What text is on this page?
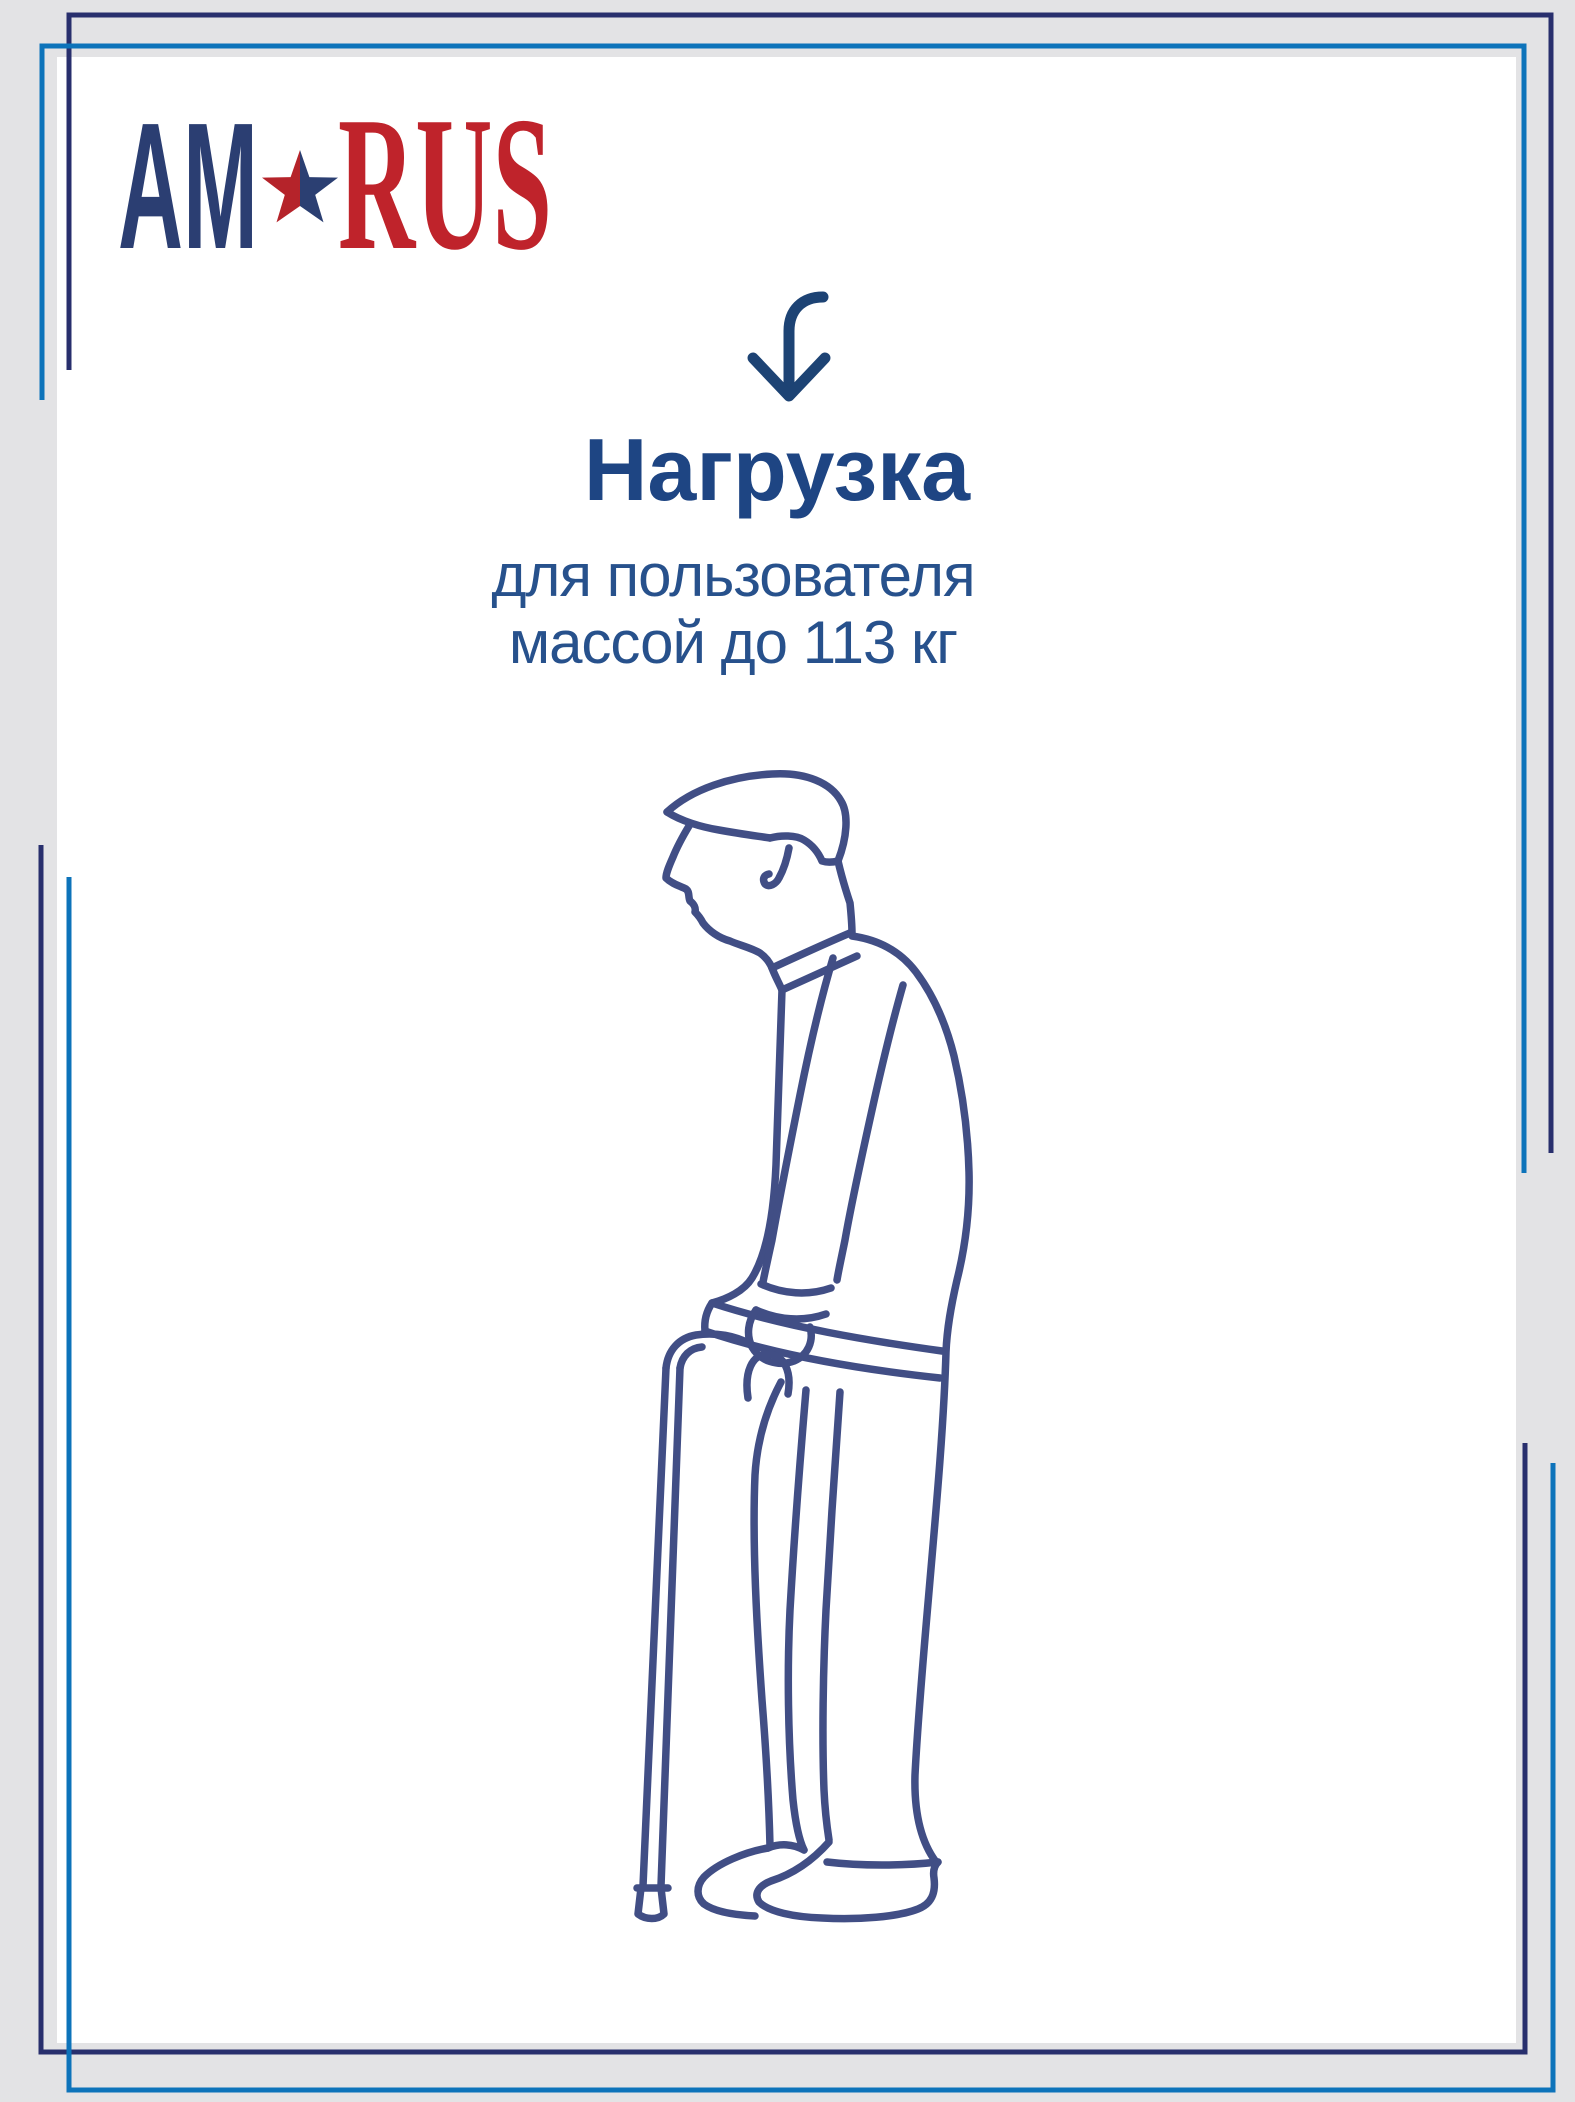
AM RUS
Нагрузка
для пользователя
массой до 113 кг
